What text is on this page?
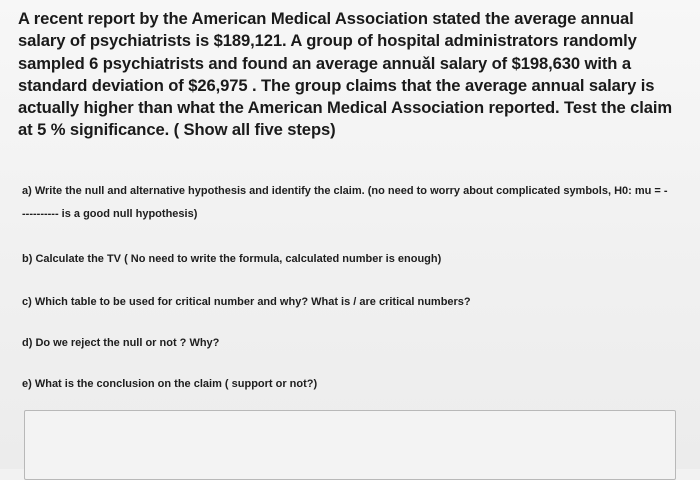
A recent report by the American Medical Association stated the average annual
salary of psychiatrists is $189,121. A group of hospital administrators randomly
sampled 6 psychiatrists and found an average annuǎl salary of $198,630 with a
standard deviation of $26,975 . The group claims that the average annual salary is
actually higher than what the American Medical Association reported. Test the claim
at 5 % significance. ( Show all five steps)
a) Write the null and alternative hypothesis and identify the claim. (no need to worry about complicated symbols, H0: mu = -
---------- is a good null hypothesis)
b) Calculate the TV ( No need to write the formula, calculated number is enough)
c) Which table to be used for critical number and why? What is / are critical numbers?
d) Do we reject the null or not ? Why?
e) What is the conclusion on the claim ( support or not?)
